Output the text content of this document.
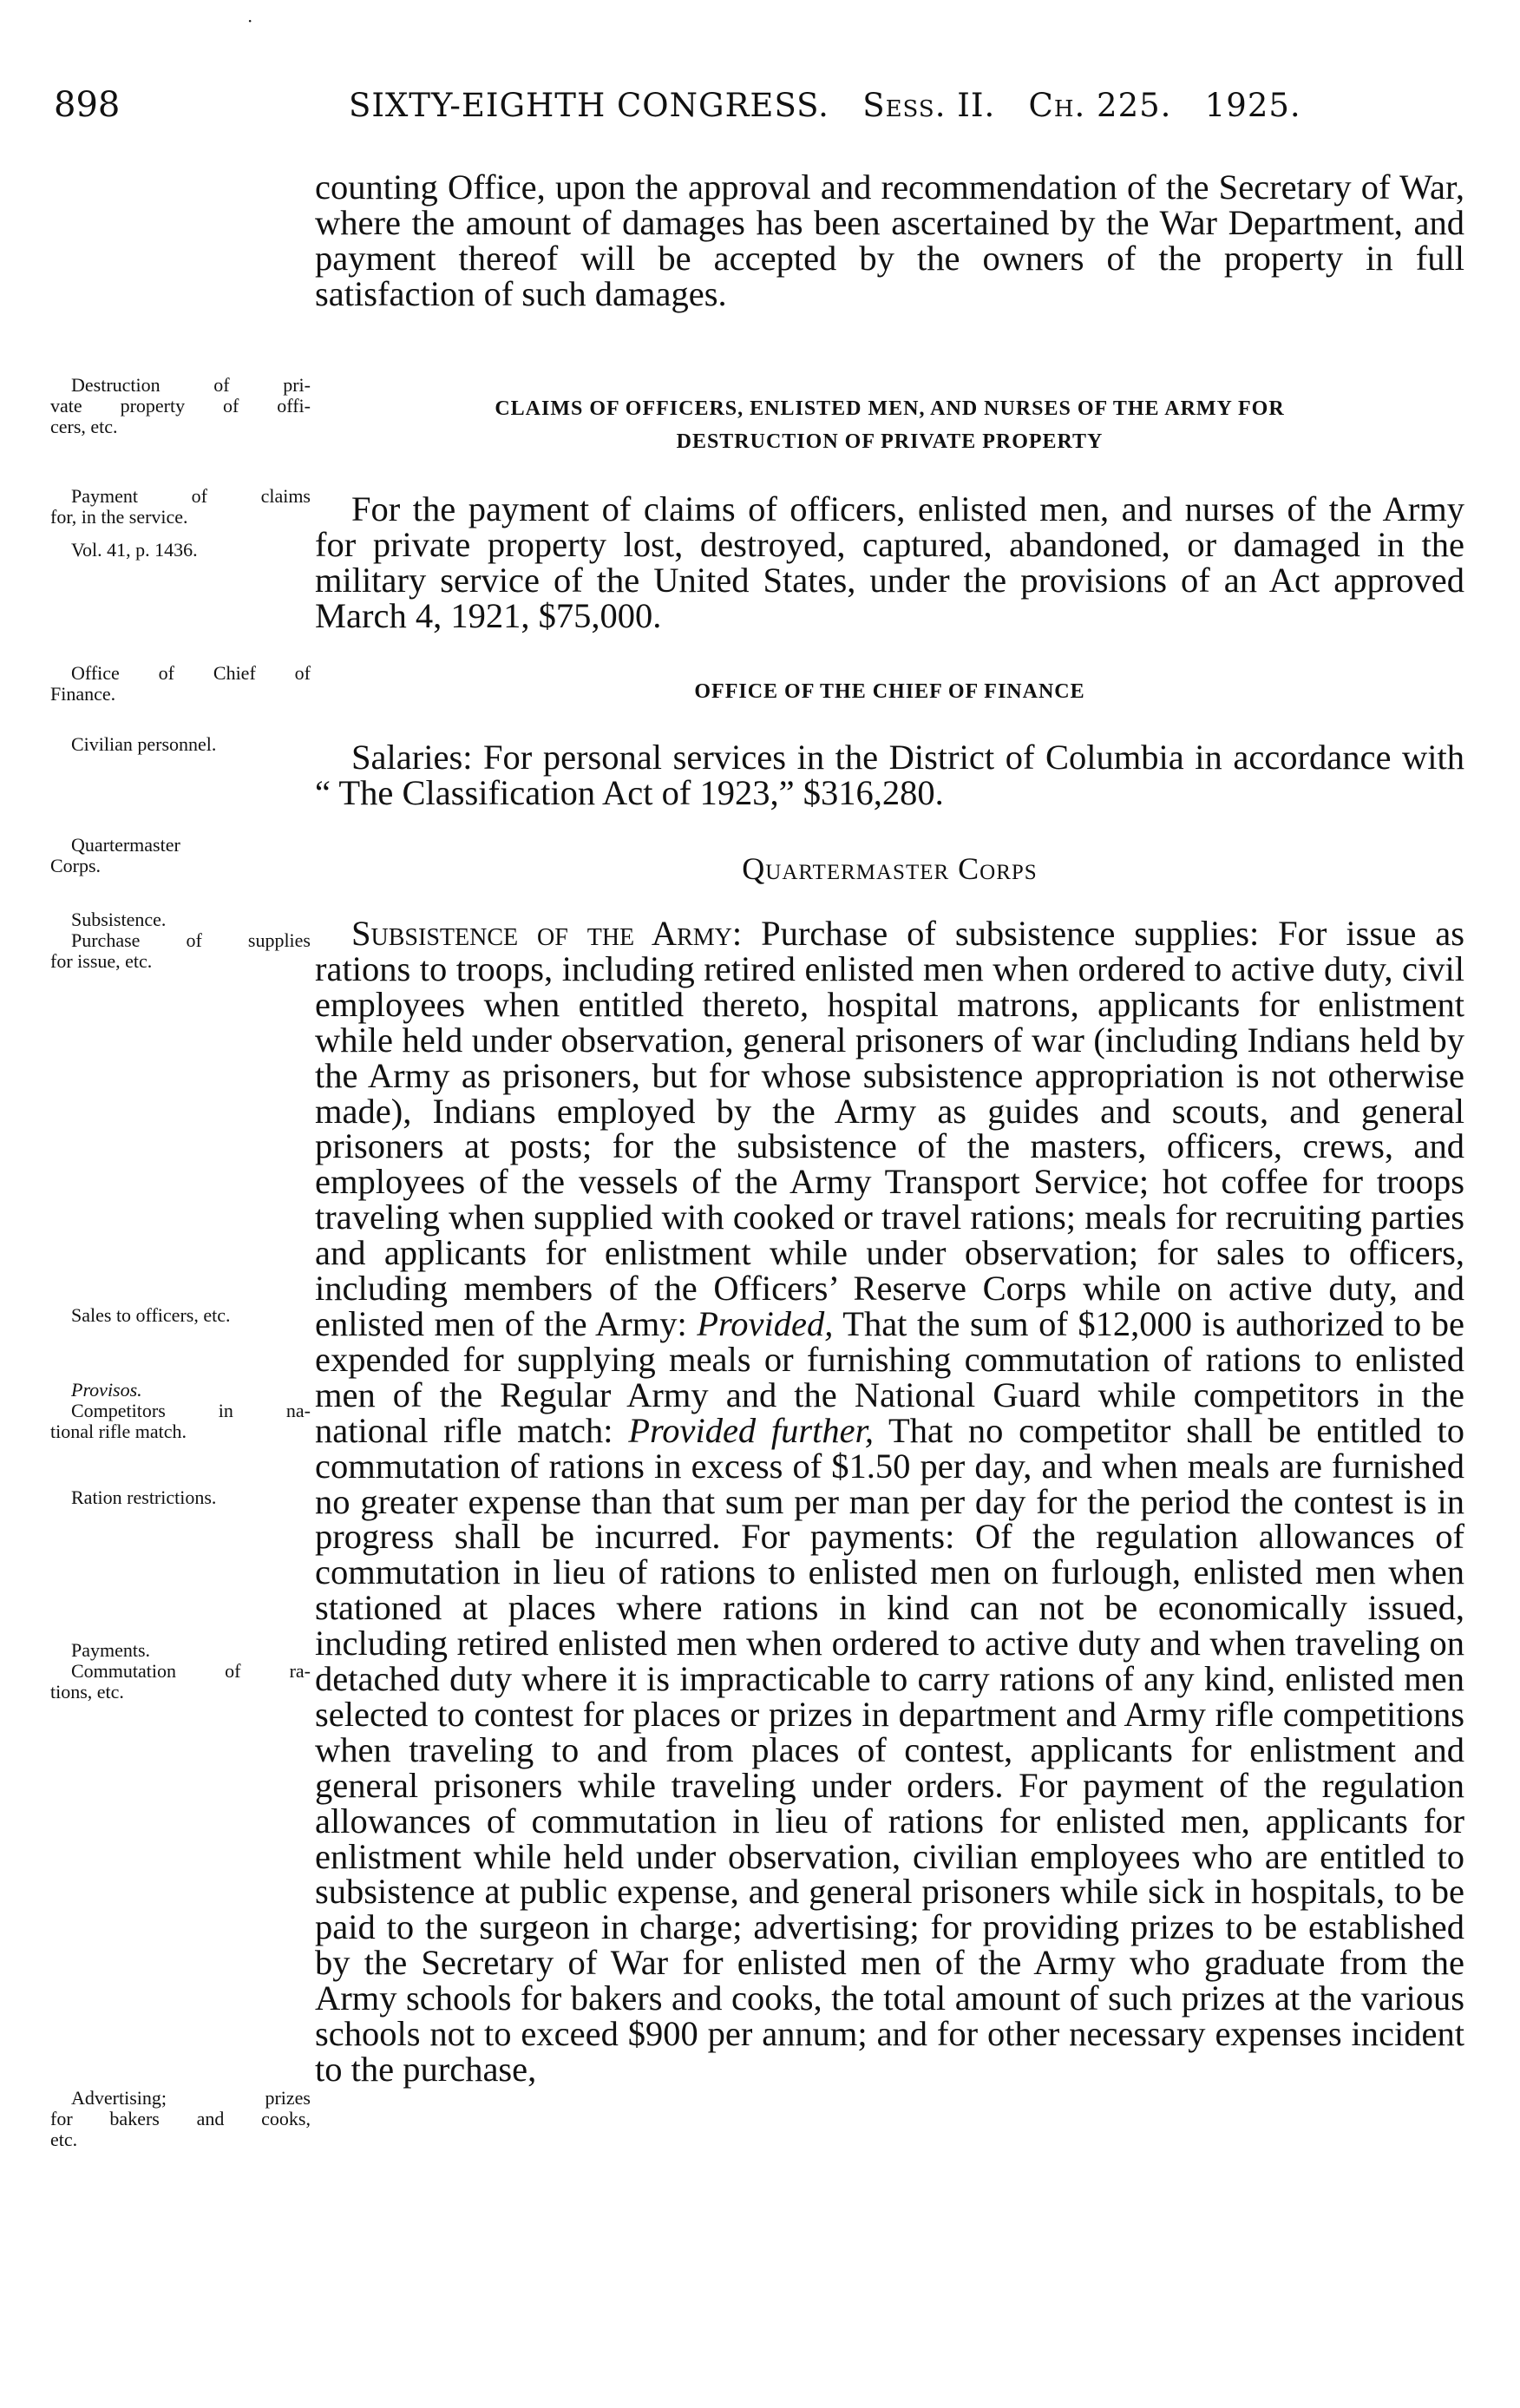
·
898	SIXTY-EIGHTH CONGRESS. Sess. II. Ch. 225. 1925.

counting Office, upon the approval and recommendation of the Secretary of War, where the amount of damages has been ascertained by the War Department, and payment thereof will be accepted by the owners of the property in full satisfaction of such damages.

CLAIMS OF OFFICERS, ENLISTED MEN, AND NURSES OF THE ARMY FOR
DESTRUCTION OF PRIVATE PROPERTY

For the payment of claims of officers, enlisted men, and nurses of the Army for private property lost, destroyed, captured, abandoned, or damaged in the military service of the United States, under the provisions of an Act approved March 4, 1921, $75,000.

OFFICE OF THE CHIEF OF FINANCE

Salaries: For personal services in the District of Columbia in accordance with “ The Classification Act of 1923,” $316,280.

Quartermaster Corps

Subsistence of the Army: Purchase of subsistence supplies: For issue as rations to troops, including retired enlisted men when ordered to active duty, civil employees when entitled thereto, hospital matrons, applicants for enlistment while held under observation, general prisoners of war (including Indians held by the Army as prisoners, but for whose subsistence appropriation is not otherwise made), Indians employed by the Army as guides and scouts, and general prisoners at posts; for the subsistence of the masters, officers, crews, and employees of the vessels of the Army Transport Service; hot coffee for troops traveling when supplied with cooked or travel rations; meals for recruiting parties and applicants for enlistment while under observation; for sales to officers, including members of the Officers’ Reserve Corps while on active duty, and enlisted men of the Army: Provided, That the sum of $12,000 is authorized to be expended for supplying meals or furnishing commutation of rations to enlisted men of the Regular Army and the National Guard while competitors in the national rifle match: Provided further, That no competitor shall be entitled to commutation of rations in excess of $1.50 per day, and when meals are furnished no greater expense than that sum per man per day for the period the contest is in progress shall be incurred. For payments: Of the regulation allowances of commutation in lieu of rations to enlisted men on furlough, enlisted men when stationed at places where rations in kind can not be economically issued, including retired enlisted men when ordered to active duty and when traveling on detached duty where it is impracticable to carry rations of any kind, enlisted men selected to contest for places or prizes in department and Army rifle competitions when traveling to and from places of contest, applicants for enlistment and general prisoners while traveling under orders. For payment of the regulation allowances of commutation in lieu of rations for enlisted men, applicants for enlistment while held under observation, civilian employees who are entitled to subsistence at public expense, and general prisoners while sick in hospitals, to be paid to the surgeon in charge; advertising; for providing prizes to be established by the Secretary of War for enlisted men of the Army who graduate from the Army schools for bakers and cooks, the total amount of such prizes at the various schools not to exceed $900 per annum; and for other necessary expenses incident to the purchase,

Destruction of pri-
vate property of offi-
cers, etc.
Payment of claims
for, in the service.
Vol. 41, p. 1436.
Office of Chief of
Finance.
Civilian personnel.
Quartermaster
Corps.
Subsistence.
Purchase of supplies
for issue, etc.
Sales to officers, etc.
Provisos.
Competitors in na-
tional rifle match.
Ration restrictions.
Payments.
Commutation of ra-
tions, etc.
Advertising; prizes
for bakers and cooks,
etc.
